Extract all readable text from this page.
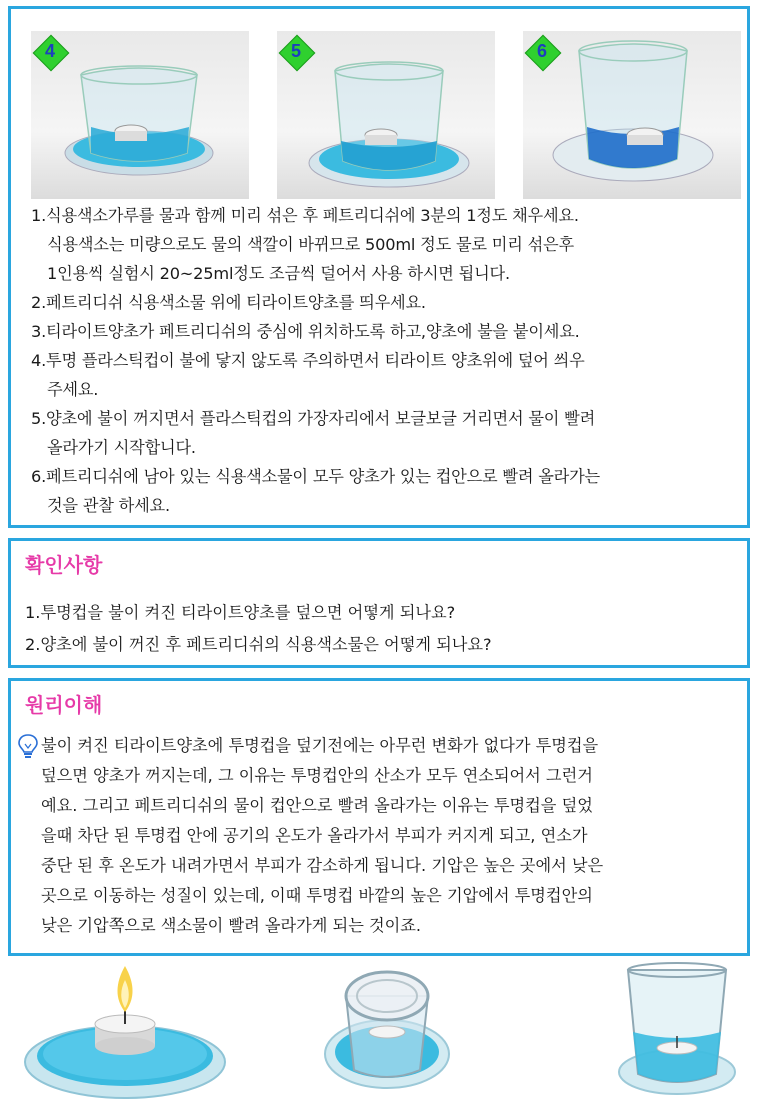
4	5	6
1.식용색소가루를 물과 함께 미리 섞은 후 페트리디쉬에 3분의 1정도 채우세요.
식용색소는 미량으로도 물의 색깔이 바뀌므로 500ml 정도 물로 미리 섞은후
1인용씩 실험시 20~25ml정도 조금씩 덜어서 사용 하시면 됩니다.
2.페트리디쉬 식용색소물 위에 티라이트양초를 띄우세요.
3.티라이트양초가 페트리디쉬의 중심에 위치하도록 하고,양초에 불을 붙이세요.
4.투명 플라스틱컵이 불에 닿지 않도록 주의하면서 티라이트 양초위에 덮어 씌우
주세요.
5.양초에 불이 꺼지면서 플라스틱컵의 가장자리에서 보글보글 거리면서 물이 빨려
올라가기 시작합니다.
6.페트리디쉬에 남아 있는 식용색소물이 모두 양초가 있는 컵안으로 빨려 올라가는
것을 관찰 하세요.
확인사항
1.투명컵을 불이 켜진 티라이트양초를 덮으면 어떻게 되나요?
2.양초에 불이 꺼진 후 페트리디쉬의 식용색소물은 어떻게 되나요?
원리이해
불이 켜진 티라이트양초에 투명컵을 덮기전에는 아무런 변화가 없다가 투명컵을
덮으면 양초가 꺼지는데, 그 이유는 투명컵안의 산소가 모두 연소되어서 그런거
예요. 그리고 페트리디쉬의 물이 컵안으로 빨려 올라가는 이유는 투명컵을 덮었
을때 차단 된 투명컵 안에 공기의 온도가 올라가서 부피가 커지게 되고, 연소가
중단 된 후 온도가 내려가면서 부피가 감소하게 됩니다. 기압은 높은 곳에서 낮은
곳으로 이동하는 성질이 있는데, 이때 투명컵 바깥의 높은 기압에서 투명컵안의
낮은 기압쪽으로 색소물이 빨려 올라가게 되는 것이죠.
